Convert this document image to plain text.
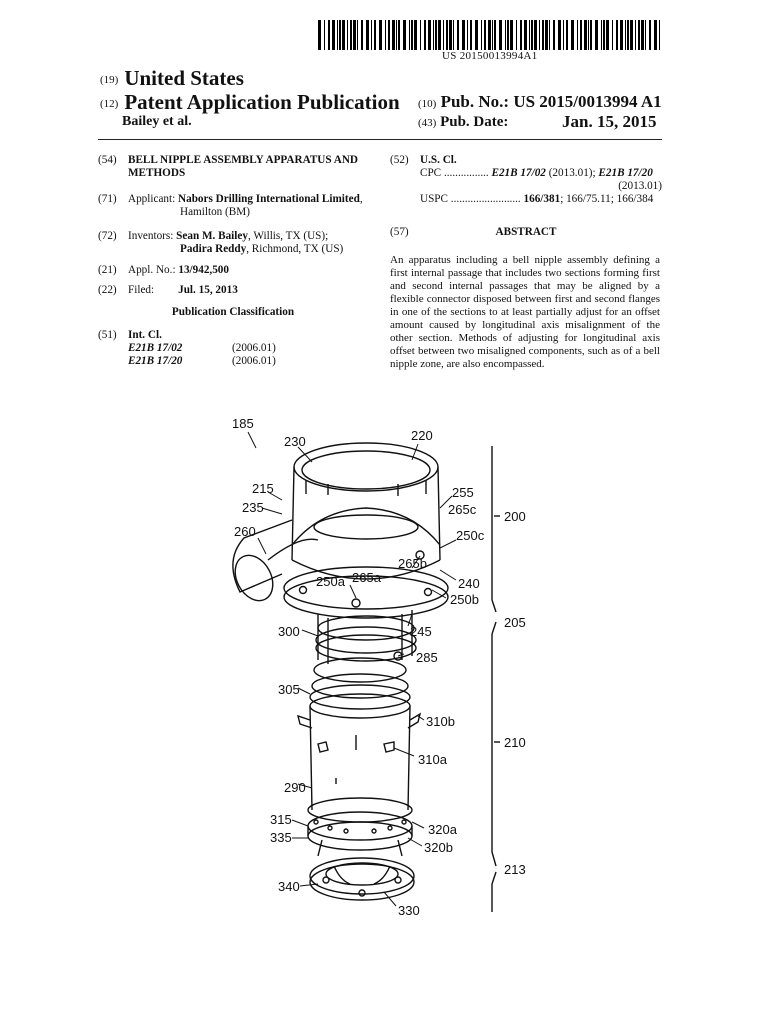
US 20150013994A1
(19) United States
(12) Patent Application Publication
Bailey et al.
(10) Pub. No.: US 2015/0013994 A1
(43) Pub. Date:	Jan. 15, 2015
(54) BELL NIPPLE ASSEMBLY APPARATUS AND
METHODS
(71) Applicant: Nabors Drilling International Limited,
Hamilton (BM)
(72) Inventors: Sean M. Bailey, Willis, TX (US);
Padira Reddy, Richmond, TX (US)
(21) Appl. No.: 13/942,500
(22) Filed: Jul. 15, 2013
Publication Classification
(51) Int. Cl.
E21B 17/02	(2006.01)
E21B 17/20	(2006.01)
(52) U.S. Cl.
CPC ................ E21B 17/02 (2013.01); E21B 17/20
(2013.01)
USPC ......................... 166/381; 166/75.11; 166/384
(57)	ABSTRACT
An apparatus including a bell nipple assembly defining a first internal passage that includes two sections forming first and second internal passages that may be aligned by a flexible connector disposed between first and second flanges in one of the sections to at least partially adjust for an offset amount caused by longitudinal axis misalignment of the other section. Methods of adjusting for longitudinal axis offset between two misaligned components, such as of a bell nipple zone, are also encompassed.
185
230	220
215
235
255
265c 200
260	250c
265b
250a 265a	240
250b
300	245
205
285
305
310b
210
310a
290
315
320a
335
320b
213
340
330
